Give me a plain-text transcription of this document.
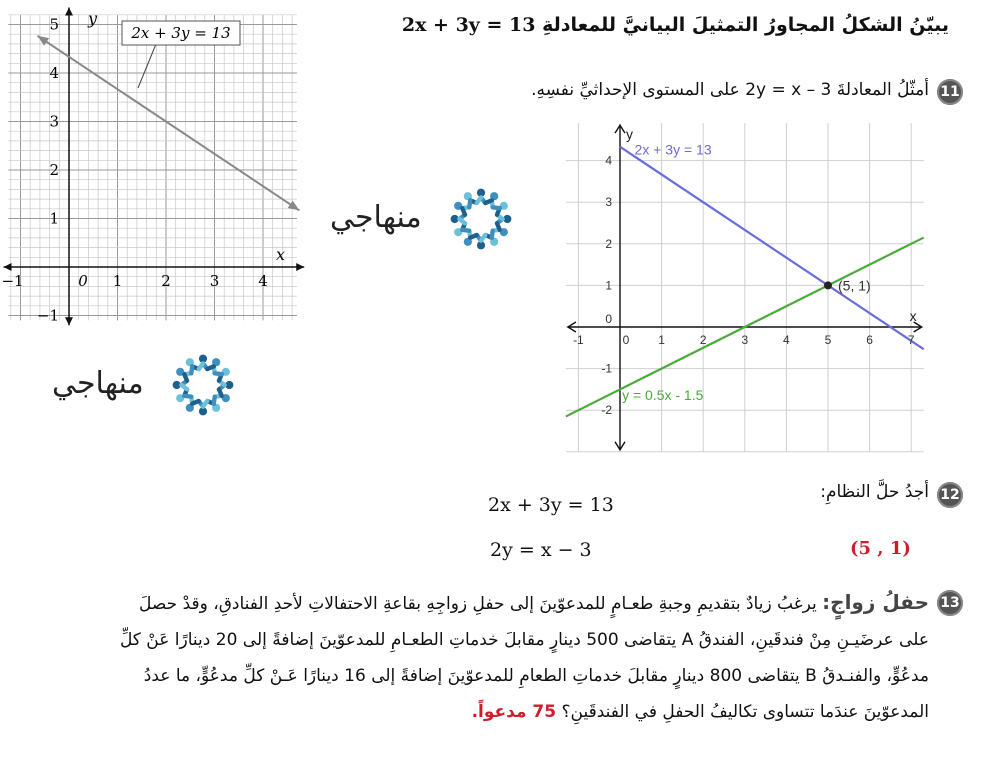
يبيّنُ الشكلُ المجاورُ التمثيلَ البيانيَّ للمعادلةِ 2x + 3y = 13
2x + 3y = 13
y
x
−1	0 1	2	3	4
5
4
3
2
1
−1
منهاجي
منهاجي
11
أمثّلُ المعادلةَ 3 – 2y = x على المستوى الإحداثيِّ نفسِهِ.
-1	0 1	2	3	4	5	6	7
4
3
2
1
0
-1
-2
y
x
2x + 3y = 13
y = 0.5x - 1.5
(5, 1)
12
أجدُ حلَّ النظامِ:
2x + 3y = 13
2y = x − 3	(5 , 1)
13
حفلُ زواجٍ: يرغبُ زيادٌ بتقديمِ وجبةِ طعـامٍ للمدعوّينَ إلى حفلِ زواجِهِ بقاعةِ الاحتفالاتِ لأحدِ الفنادقِ، وقدْ حصلَ
على عرضَيـنِ مِنْ فندقَينِ، الفندقُ A يتقاضى 500 دينارٍ مقابلَ خدماتِ الطعـامِ للمدعوّينَ إضافةً إلى 20 دينارًا عَنْ كلِّ
مدعُوٍّ، والفنـدقُ B يتقاضى 800 دينارٍ مقابلَ خدماتِ الطعامِ للمدعوّينَ إضافةً إلى 16 دينارًا عَـنْ كلِّ مدعُوٍّ، ما عددُ
المدعوّينَ عندَما تتساوى تكاليفُ الحفلِ في الفندقَينِ؟ 75 مدعواً.
